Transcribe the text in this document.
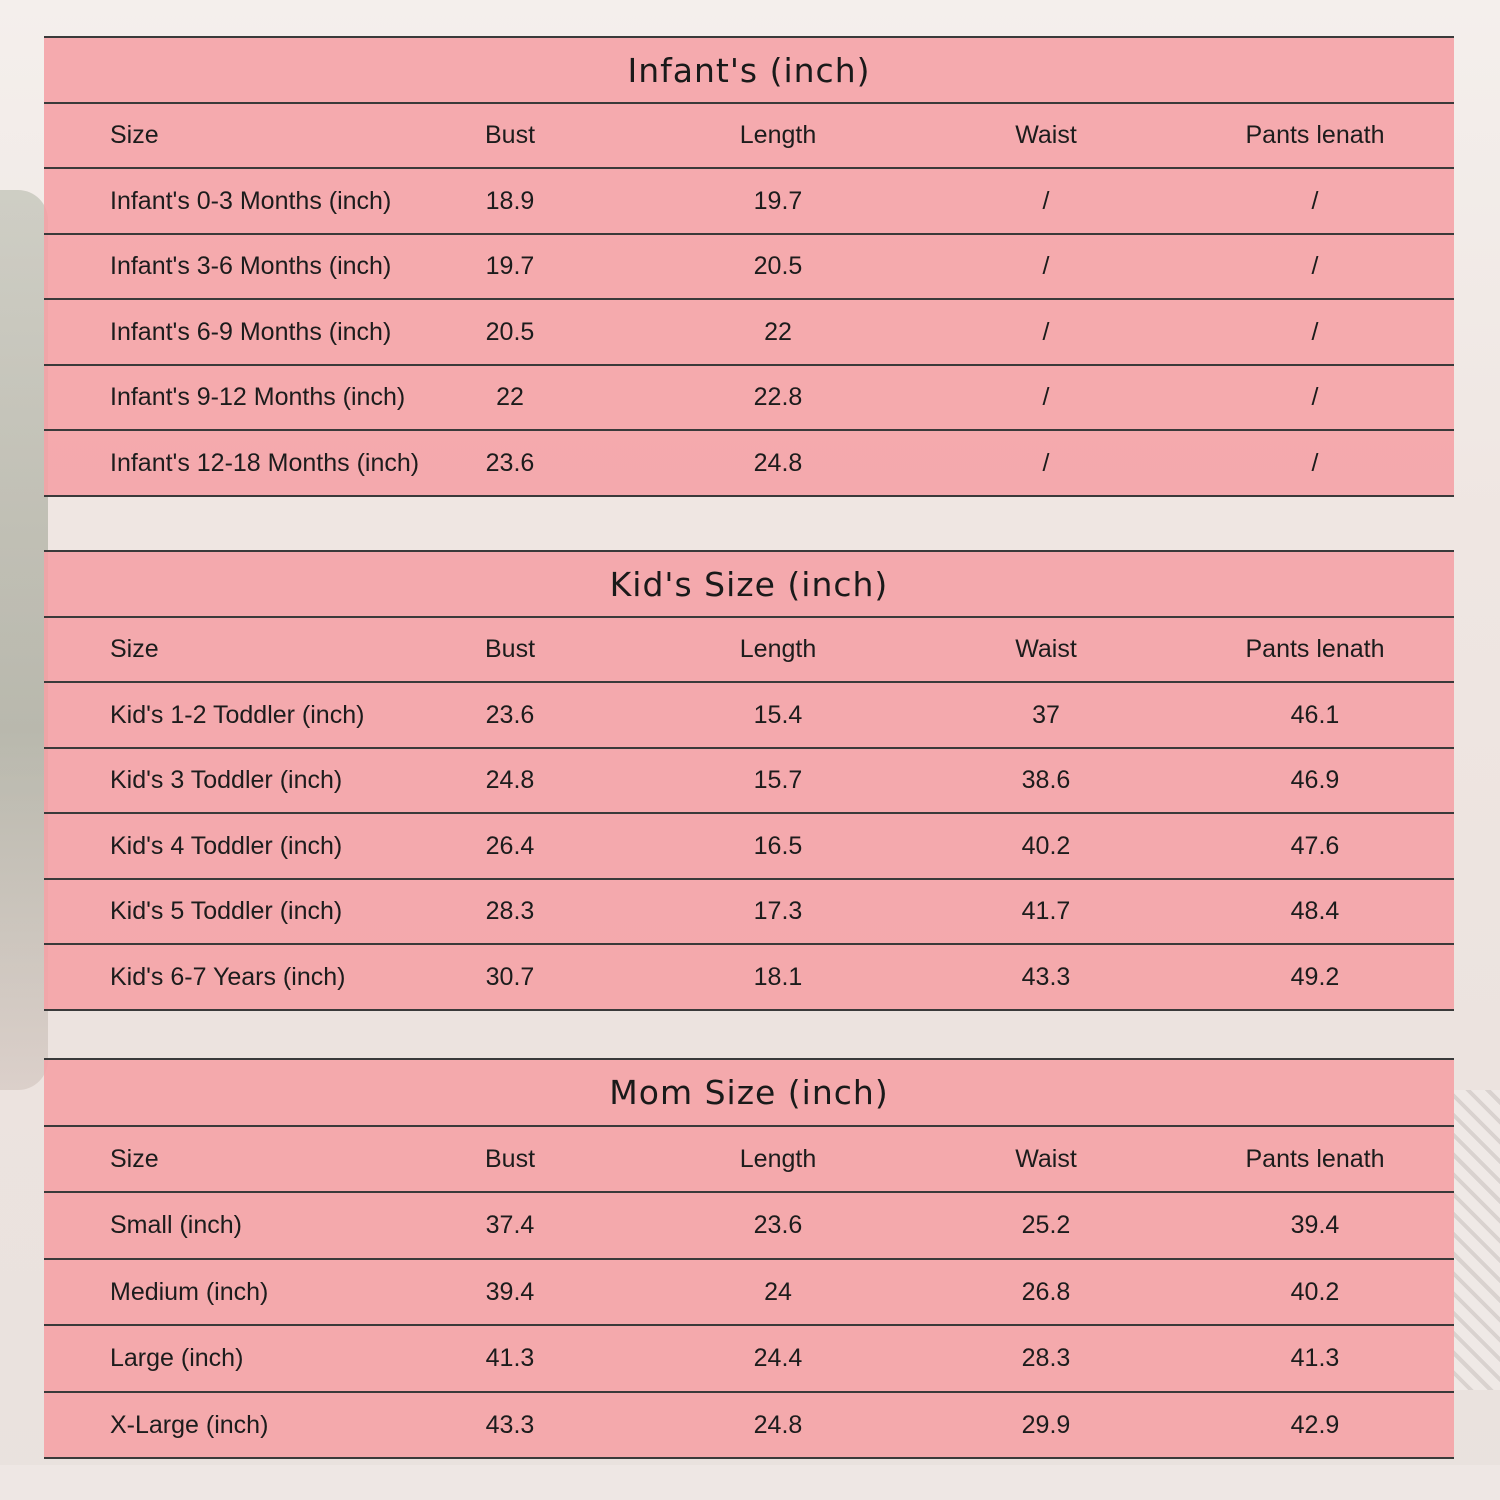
Infant's (inch)
Size	Bust	Length	Waist	Pants lenath
Infant's 0-3 Months (inch)	18.9	19.7	/	/
Infant's 3-6 Months (inch)	19.7	20.5	/	/
Infant's 6-9 Months (inch)	20.5	22	/	/
Infant's 9-12 Months (inch)	22	22.8	/	/
Infant's 12-18 Months (inch)	23.6	24.8	/	/
Kid's Size (inch)
Size	Bust	Length	Waist	Pants lenath
Kid's 1-2 Toddler (inch)	23.6	15.4	37	46.1
Kid's 3 Toddler (inch)	24.8	15.7	38.6	46.9
Kid's 4 Toddler (inch)	26.4	16.5	40.2	47.6
Kid's 5 Toddler (inch)	28.3	17.3	41.7	48.4
Kid's 6-7 Years (inch)	30.7	18.1	43.3	49.2
Mom Size (inch)
Size	Bust	Length	Waist	Pants lenath
Small (inch)	37.4	23.6	25.2	39.4
Medium (inch)	39.4	24	26.8	40.2
Large (inch)	41.3	24.4	28.3	41.3
X-Large (inch)	43.3	24.8	29.9	42.9
